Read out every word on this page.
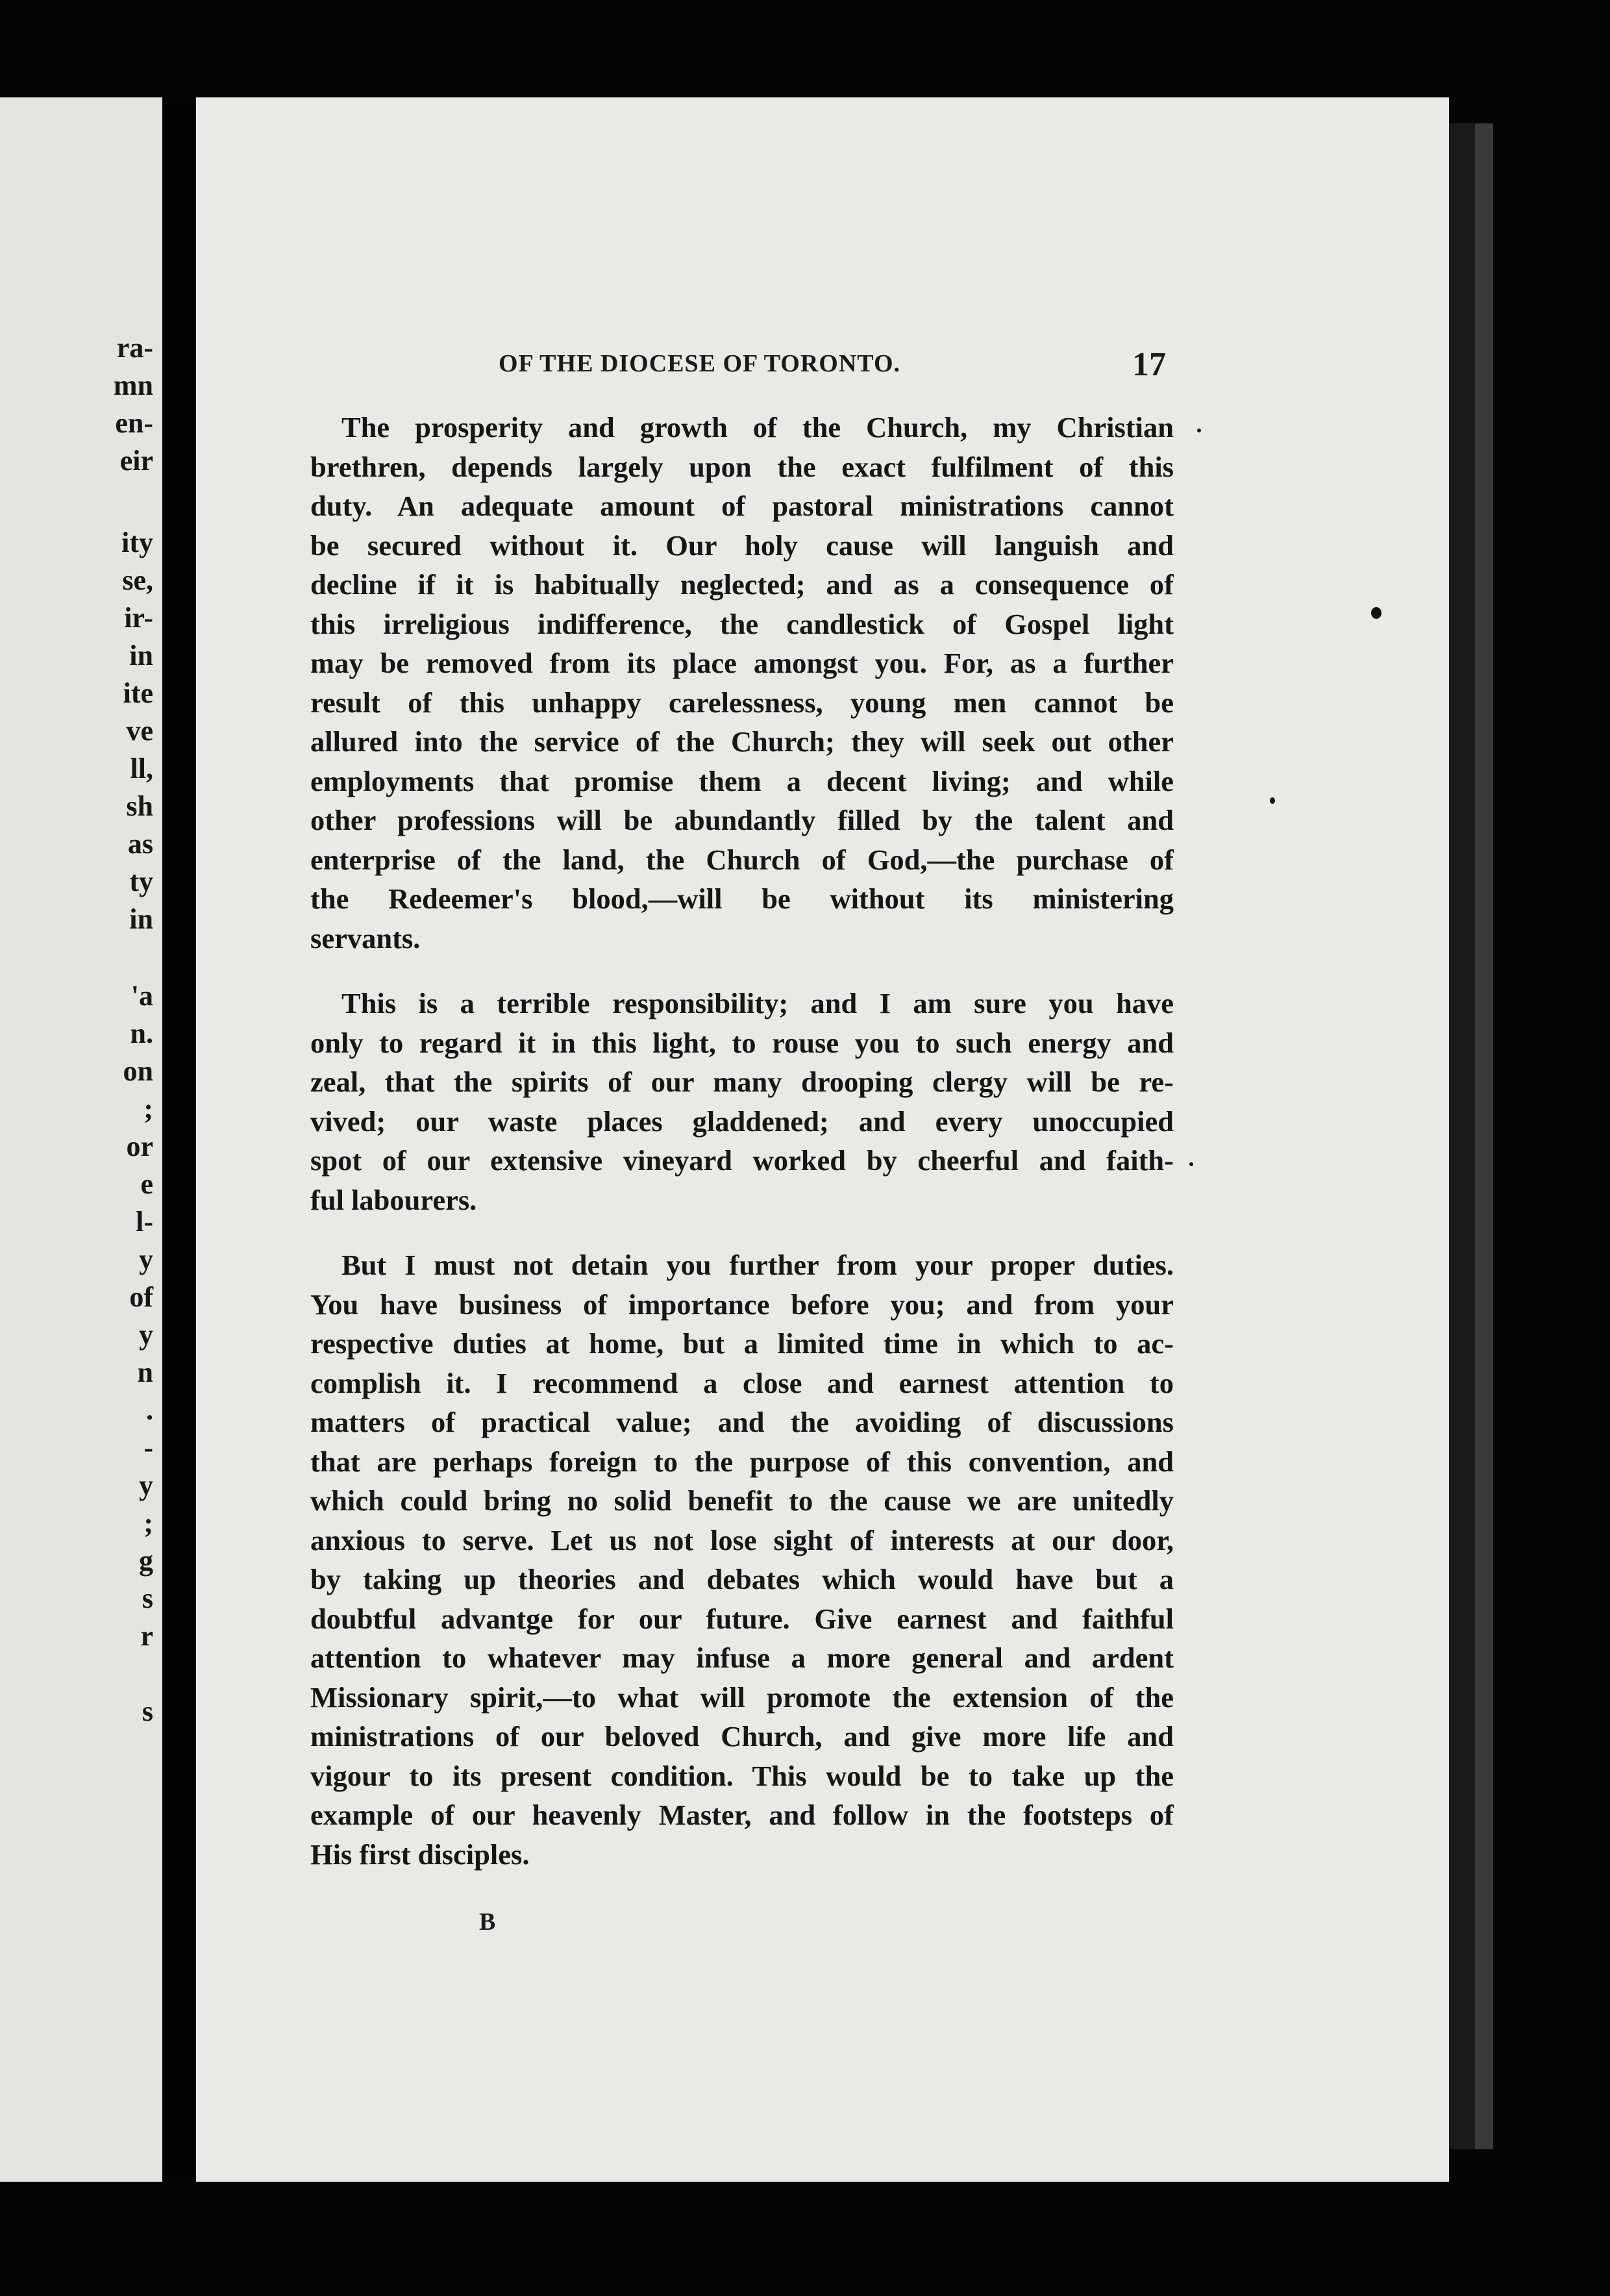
ra-
mn
en-
eir
ity
se,
ir-
in
ite
ve
ll,
sh
as
ty
in
'a
n.
on
;
or
e
l-
y
of
y
n
.
-
y
;
g
s
r
s
OF THE DIOCESE OF TORONTO.	17
The prosperity and growth of the Church, my Christian
brethren, depends largely upon the exact fulfilment of this
duty. An adequate amount of pastoral ministrations cannot
be secured without it. Our holy cause will languish and
decline if it is habitually neglected; and as a consequence of
this irreligious indifference, the candlestick of Gospel light
may be removed from its place amongst you. For, as a further
result of this unhappy carelessness, young men cannot be
allured into the service of the Church; they will seek out other
employments that promise them a decent living; and while
other professions will be abundantly filled by the talent and
enterprise of the land, the Church of God,—the purchase of
the Redeemer's blood,—will be without its ministering
servants.
This is a terrible responsibility; and I am sure you have
only to regard it in this light, to rouse you to such energy and
zeal, that the spirits of our many drooping clergy will be re-
vived; our waste places gladdened; and every unoccupied
spot of our extensive vineyard worked by cheerful and faith-
ful labourers.
But I must not detain you further from your proper duties.
You have business of importance before you; and from your
respective duties at home, but a limited time in which to ac-
complish it. I recommend a close and earnest attention to
matters of practical value; and the avoiding of discussions
that are perhaps foreign to the purpose of this convention, and
which could bring no solid benefit to the cause we are unitedly
anxious to serve. Let us not lose sight of interests at our door,
by taking up theories and debates which would have but a
doubtful advantge for our future. Give earnest and faithful
attention to whatever may infuse a more general and ardent
Missionary spirit,—to what will promote the extension of the
ministrations of our beloved Church, and give more life and
vigour to its present condition. This would be to take up the
example of our heavenly Master, and follow in the footsteps of
His first disciples.
B
